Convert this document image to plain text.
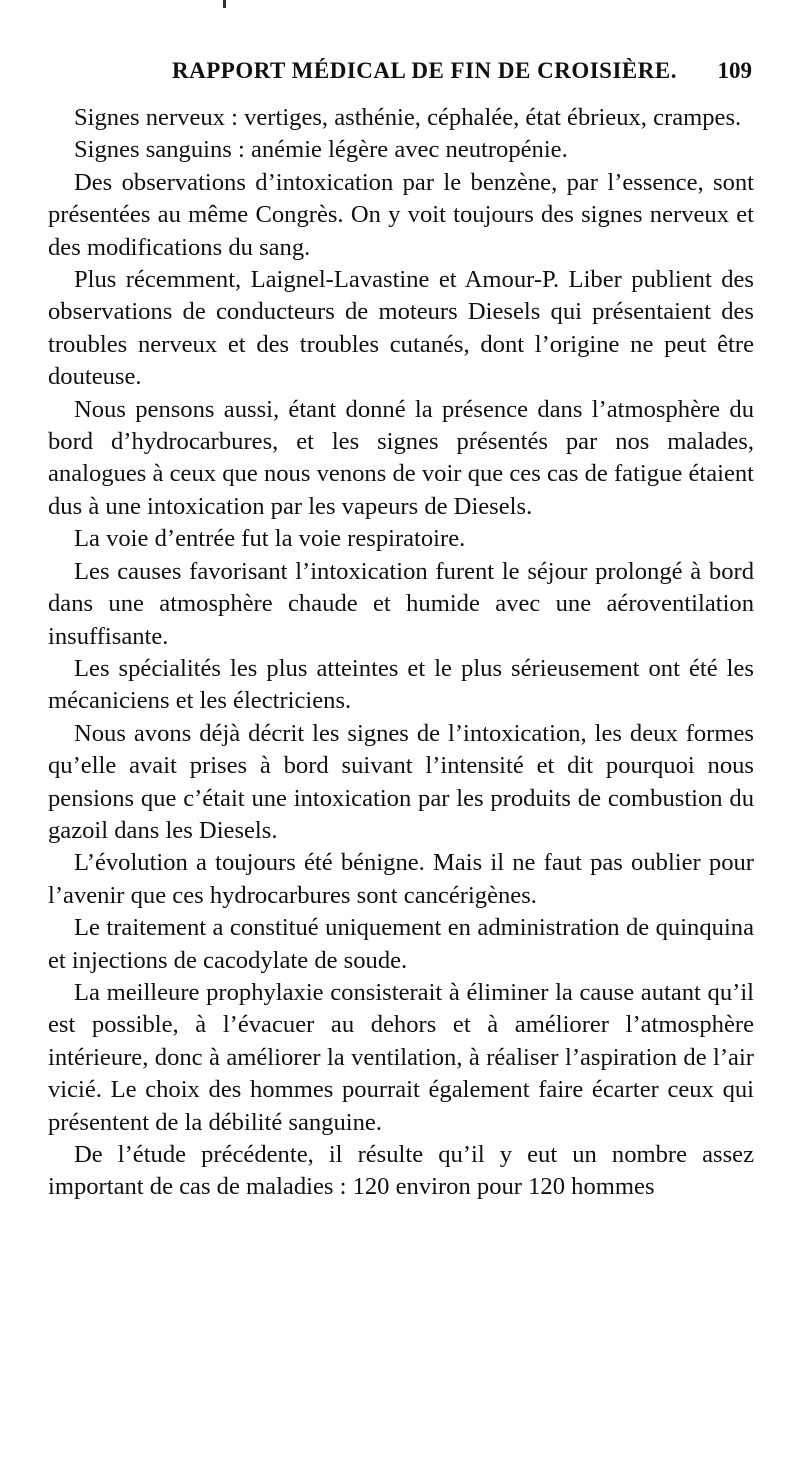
RAPPORT MÉDICAL DE FIN DE CROISIÈRE. 109

Signes nerveux : vertiges, asthénie, céphalée, état ébrieux, crampes.

Signes sanguins : anémie légère avec neutropénie.

Des observations d’intoxication par le benzène, par l’essence, sont présentées au même Congrès. On y voit toujours des signes nerveux et des modifications du sang.

Plus récemment, Laignel-Lavastine et Amour-P. Liber publient des observations de conducteurs de moteurs Diesels qui présentaient des troubles nerveux et des troubles cutanés, dont l’origine ne peut être douteuse.

Nous pensons aussi, étant donné la présence dans l’atmosphère du bord d’hydrocarbures, et les signes présentés par nos malades, analogues à ceux que nous venons de voir que ces cas de fatigue étaient dus à une intoxication par les vapeurs de Diesels.

La voie d’entrée fut la voie respiratoire.

Les causes favorisant l’intoxication furent le séjour prolongé à bord dans une atmosphère chaude et humide avec une aéroventilation insuffisante.

Les spécialités les plus atteintes et le plus sérieusement ont été les mécaniciens et les électriciens.

Nous avons déjà décrit les signes de l’intoxication, les deux formes qu’elle avait prises à bord suivant l’intensité et dit pourquoi nous pensions que c’était une intoxication par les produits de combustion du gazoil dans les Diesels.

L’évolution a toujours été bénigne. Mais il ne faut pas oublier pour l’avenir que ces hydrocarbures sont cancérigènes.

Le traitement a constitué uniquement en administration de quinquina et injections de cacodylate de soude.

La meilleure prophylaxie consisterait à éliminer la cause autant qu’il est possible, à l’évacuer au dehors et à améliorer l’atmosphère intérieure, donc à améliorer la ventilation, à réaliser l’aspiration de l’air vicié. Le choix des hommes pourrait également faire écarter ceux qui présentent de la débilité sanguine.

De l’étude précédente, il résulte qu’il y eut un nombre assez important de cas de maladies : 120 environ pour 120 hommes
